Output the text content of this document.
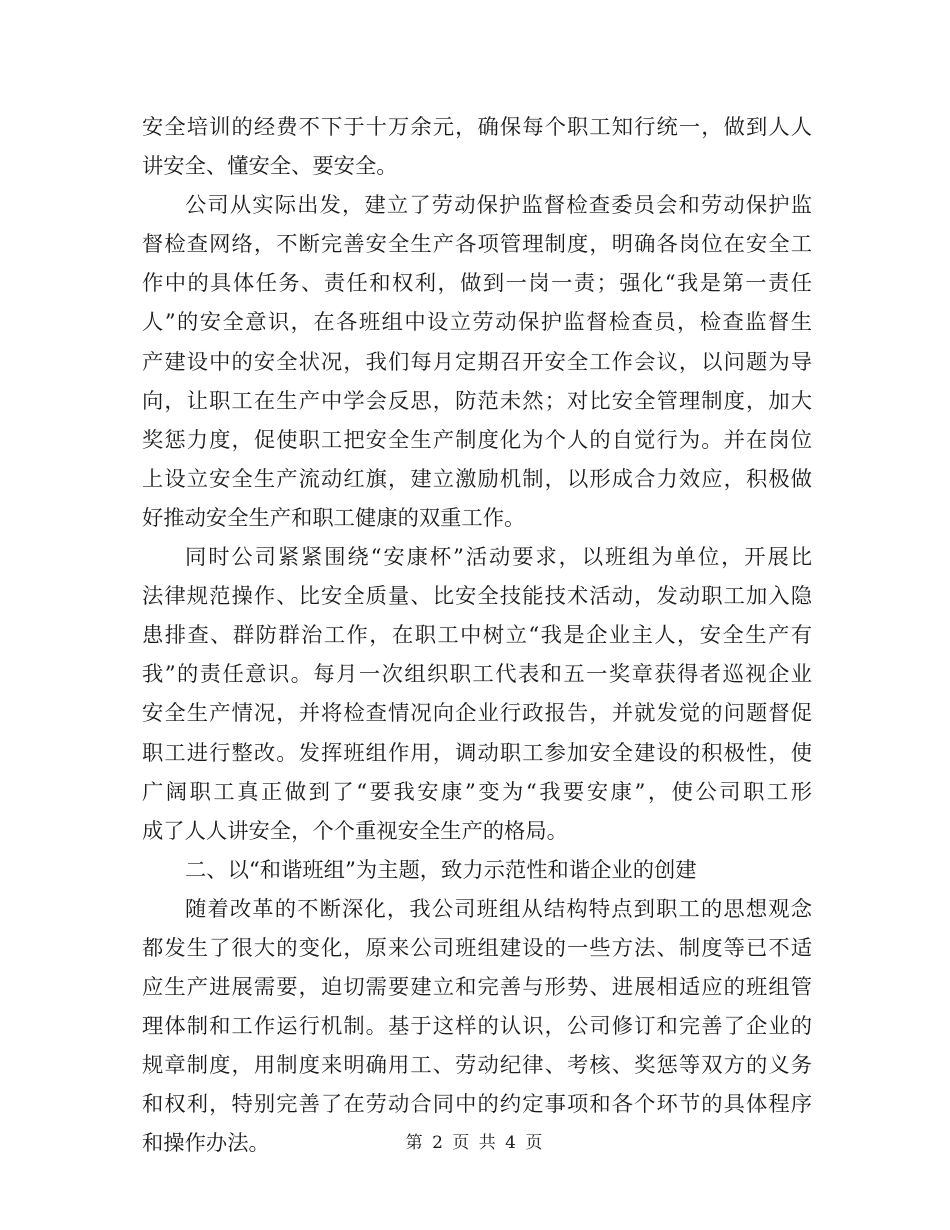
安全培训的经费不下于十万余元，确保每个职工知行统一，做到人人
讲安全、懂安全、要安全。
公司从实际出发，建立了劳动保护监督检查委员会和劳动保护监
督检查网络，不断完善安全生产各项管理制度，明确各岗位在安全工
作中的具体任务、责任和权利，做到一岗一责；强化“我是第一责任
人”的安全意识，在各班组中设立劳动保护监督检查员，检查监督生
产建设中的安全状况，我们每月定期召开安全工作会议，以问题为导
向，让职工在生产中学会反思，防范未然；对比安全管理制度，加大
奖惩力度，促使职工把安全生产制度化为个人的自觉行为。并在岗位
上设立安全生产流动红旗，建立激励机制，以形成合力效应，积极做
好推动安全生产和职工健康的双重工作。
同时公司紧紧围绕“安康杯”活动要求，以班组为单位，开展比
法律规范操作、比安全质量、比安全技能技术活动，发动职工加入隐
患排查、群防群治工作，在职工中树立“我是企业主人，安全生产有
我”的责任意识。每月一次组织职工代表和五一奖章获得者巡视企业
安全生产情况，并将检查情况向企业行政报告，并就发觉的问题督促
职工进行整改。发挥班组作用，调动职工参加安全建设的积极性，使
广阔职工真正做到了“要我安康”变为“我要安康”，使公司职工形
成了人人讲安全，个个重视安全生产的格局。
二、以“和谐班组”为主题，致力示范性和谐企业的创建
随着改革的不断深化，我公司班组从结构特点到职工的思想观念
都发生了很大的变化，原来公司班组建设的一些方法、制度等已不适
应生产进展需要，迫切需要建立和完善与形势、进展相适应的班组管
理体制和工作运行机制。基于这样的认识，公司修订和完善了企业的
规章制度，用制度来明确用工、劳动纪律、考核、奖惩等双方的义务
和权利，特别完善了在劳动合同中的约定事项和各个环节的具体程序
和操作办法。	第 2 页 共 4 页
